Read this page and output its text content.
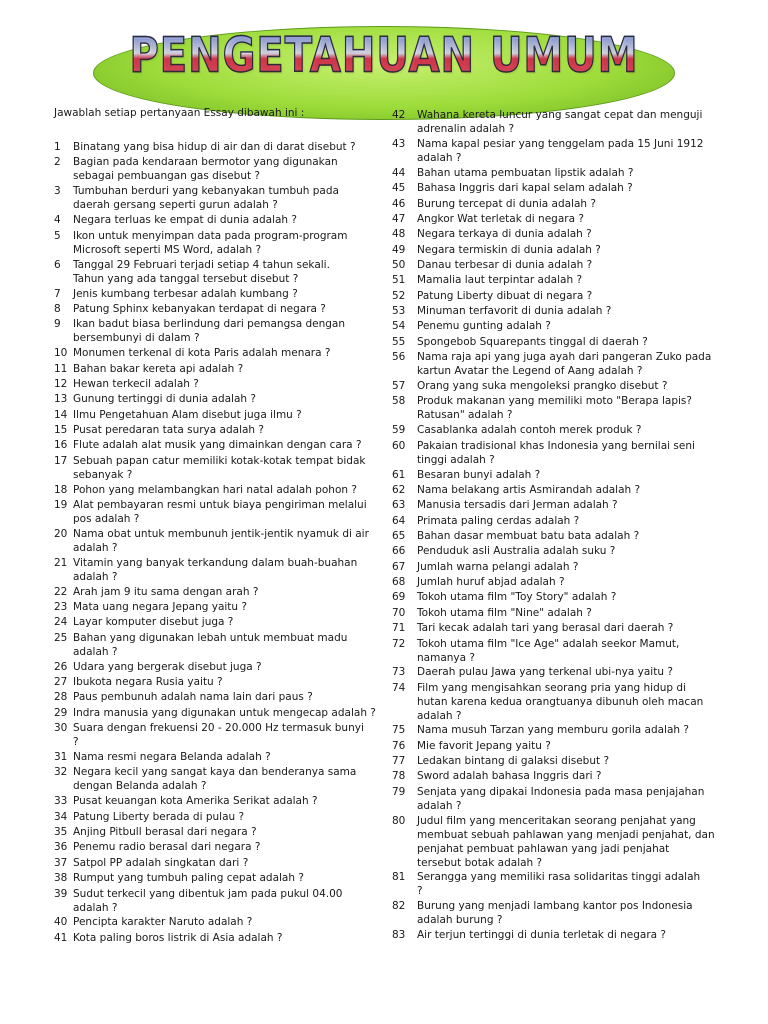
PENGETAHUAN UMUM
Jawablah setiap pertanyaan Essay dibawah ini :
1 Binatang yang bisa hidup di air dan di darat disebut ?
2 Bagian pada kendaraan bermotor yang digunakan
sebagai pembuangan gas disebut ?
3 Tumbuhan berduri yang kebanyakan tumbuh pada
daerah gersang seperti gurun adalah ?
4 Negara terluas ke empat di dunia adalah ?
5 Ikon untuk menyimpan data pada program-program
Microsoft seperti MS Word, adalah ?
6 Tanggal 29 Februari terjadi setiap 4 tahun sekali.
Tahun yang ada tanggal tersebut disebut ?
7 Jenis kumbang terbesar adalah kumbang ?
8 Patung Sphinx kebanyakan terdapat di negara ?
9 Ikan badut biasa berlindung dari pemangsa dengan
bersembunyi di dalam ?
10 Monumen terkenal di kota Paris adalah menara ?
11 Bahan bakar kereta api adalah ?
12 Hewan terkecil adalah ?
13 Gunung tertinggi di dunia adalah ?
14 Ilmu Pengetahuan Alam disebut juga ilmu ?
15 Pusat peredaran tata surya adalah ?
16 Flute adalah alat musik yang dimainkan dengan cara ?
17 Sebuah papan catur memiliki kotak-kotak tempat bidak
sebanyak ?
18 Pohon yang melambangkan hari natal adalah pohon ?
19 Alat pembayaran resmi untuk biaya pengiriman melalui
pos adalah ?
20 Nama obat untuk membunuh jentik-jentik nyamuk di air
adalah ?
21 Vitamin yang banyak terkandung dalam buah-buahan
adalah ?
22 Arah jam 9 itu sama dengan arah ?
23 Mata uang negara Jepang yaitu ?
24 Layar komputer disebut juga ?
25 Bahan yang digunakan lebah untuk membuat madu
adalah ?
26 Udara yang bergerak disebut juga ?
27 Ibukota negara Rusia yaitu ?
28 Paus pembunuh adalah nama lain dari paus ?
29 Indra manusia yang digunakan untuk mengecap adalah ?
30 Suara dengan frekuensi 20 - 20.000 Hz termasuk bunyi
?
31 Nama resmi negara Belanda adalah ?
32 Negara kecil yang sangat kaya dan benderanya sama
dengan Belanda adalah ?
33 Pusat keuangan kota Amerika Serikat adalah ?
34 Patung Liberty berada di pulau ?
35 Anjing Pitbull berasal dari negara ?
36 Penemu radio berasal dari negara ?
37 Satpol PP adalah singkatan dari ?
38 Rumput yang tumbuh paling cepat adalah ?
39 Sudut terkecil yang dibentuk jam pada pukul 04.00
adalah ?
40 Pencipta karakter Naruto adalah ?
41 Kota paling boros listrik di Asia adalah ?
42 Wahana kereta luncur yang sangat cepat dan menguji
adrenalin adalah ?
43 Nama kapal pesiar yang tenggelam pada 15 Juni 1912
adalah ?
44 Bahan utama pembuatan lipstik adalah ?
45 Bahasa Inggris dari kapal selam adalah ?
46 Burung tercepat di dunia adalah ?
47 Angkor Wat terletak di negara ?
48 Negara terkaya di dunia adalah ?
49 Negara termiskin di dunia adalah ?
50 Danau terbesar di dunia adalah ?
51 Mamalia laut terpintar adalah ?
52 Patung Liberty dibuat di negara ?
53 Minuman terfavorit di dunia adalah ?
54 Penemu gunting adalah ?
55 Spongebob Squarepants tinggal di daerah ?
56 Nama raja api yang juga ayah dari pangeran Zuko pada
kartun Avatar the Legend of Aang adalah ?
57 Orang yang suka mengoleksi prangko disebut ?
58 Produk makanan yang memiliki moto "Berapa lapis?
Ratusan" adalah ?
59 Casablanka adalah contoh merek produk ?
60 Pakaian tradisional khas Indonesia yang bernilai seni
tinggi adalah ?
61 Besaran bunyi adalah ?
62 Nama belakang artis Asmirandah adalah ?
63 Manusia tersadis dari Jerman adalah ?
64 Primata paling cerdas adalah ?
65 Bahan dasar membuat batu bata adalah ?
66 Penduduk asli Australia adalah suku ?
67 Jumlah warna pelangi adalah ?
68 Jumlah huruf abjad adalah ?
69 Tokoh utama film "Toy Story" adalah ?
70 Tokoh utama film "Nine" adalah ?
71 Tari kecak adalah tari yang berasal dari daerah ?
72 Tokoh utama film "Ice Age" adalah seekor Mamut,
namanya ?
73 Daerah pulau Jawa yang terkenal ubi-nya yaitu ?
74 Film yang mengisahkan seorang pria yang hidup di
hutan karena kedua orangtuanya dibunuh oleh macan
adalah ?
75 Nama musuh Tarzan yang memburu gorila adalah ?
76 Mie favorit Jepang yaitu ?
77 Ledakan bintang di galaksi disebut ?
78 Sword adalah bahasa Inggris dari ?
79 Senjata yang dipakai Indonesia pada masa penjajahan
adalah ?
80 Judul film yang menceritakan seorang penjahat yang
membuat sebuah pahlawan yang menjadi penjahat, dan
penjahat pembuat pahlawan yang jadi penjahat
tersebut botak adalah ?
81 Serangga yang memiliki rasa solidaritas tinggi adalah
?
82 Burung yang menjadi lambang kantor pos Indonesia
adalah burung ?
83 Air terjun tertinggi di dunia terletak di negara ?
